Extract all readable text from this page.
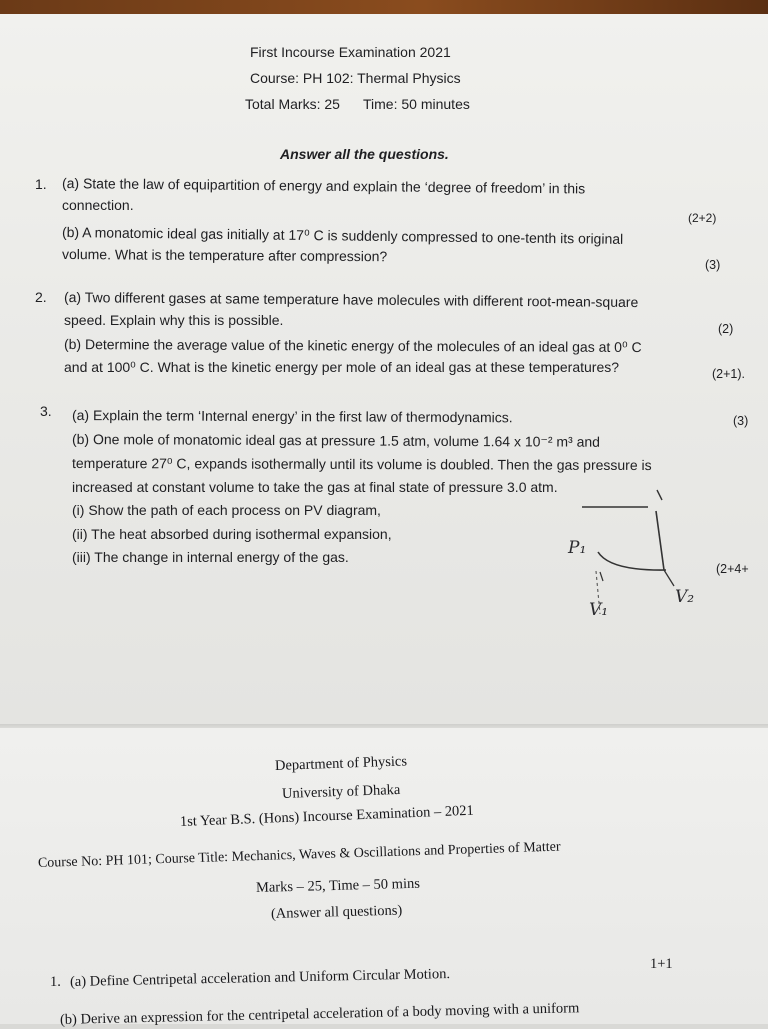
First Incourse Examination 2021
Course: PH 102: Thermal Physics
Total Marks: 25 Time: 50 minutes
Answer all the questions.
1. (a) State the law of equipartition of energy and explain the ‘degree of freedom’ in this
connection.
(2+2)
(b) A monatomic ideal gas initially at 17⁰ C is suddenly compressed to one-tenth its original
volume. What is the temperature after compression?
(3)
2. (a) Two different gases at same temperature have molecules with different root-mean-square
speed. Explain why this is possible.
(2)
(b) Determine the average value of the kinetic energy of the molecules of an ideal gas at 0⁰ C
and at 100⁰ C. What is the kinetic energy per mole of an ideal gas at these temperatures?	(2+1).
3. (a) Explain the term ‘Internal energy’ in the first law of thermodynamics.	(3)
(b) One mole of monatomic ideal gas at pressure 1.5 atm, volume 1.64 x 10⁻² m³ and
temperature 27⁰ C, expands isothermally until its volume is doubled. Then the gas pressure is
increased at constant volume to take the gas at final state of pressure 3.0 atm.
(i) Show the path of each process on PV diagram,
(ii) The heat absorbed during isothermal expansion,
(iii) The change in internal energy of the gas.
(2+4+
P₁
V₁
V₂
Department of Physics
University of Dhaka
1st Year B.S. (Hons) Incourse Examination – 2021
Course No: PH 101; Course Title: Mechanics, Waves & Oscillations and Properties of Matter
Marks – 25, Time – 50 mins
(Answer all questions)
1. (a) Define Centripetal acceleration and Uniform Circular Motion.
1+1
(b) Derive an expression for the centripetal acceleration of a body moving with a uniform
